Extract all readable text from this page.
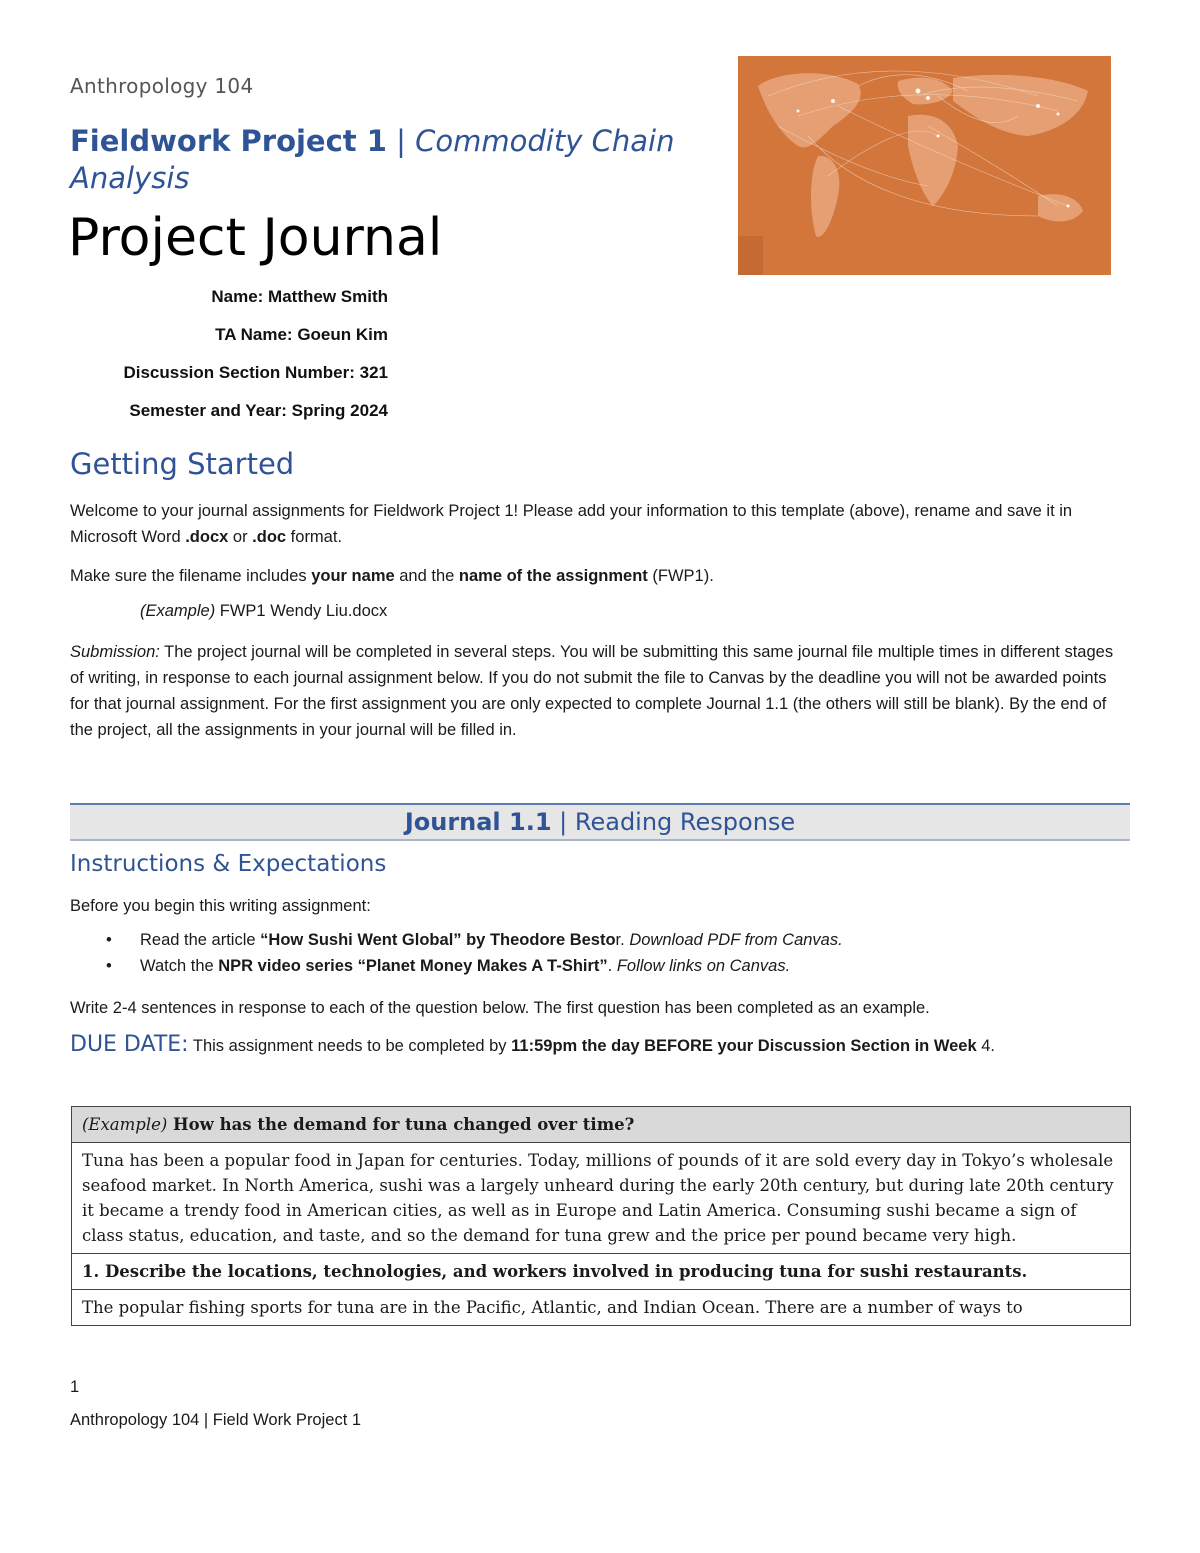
Anthropology 104
Fieldwork Project 1 | Commodity Chain Analysis
Project Journal
Name: Matthew Smith
TA Name: Goeun Kim
Discussion Section Number: 321
Semester and Year: Spring 2024
Getting Started
Welcome to your journal assignments for Fieldwork Project 1! Please add your information to this template (above), rename and save it in Microsoft Word .docx or .doc format.
Make sure the filename includes your name and the name of the assignment (FWP1).
(Example) FWP1 Wendy Liu.docx
Submission: The project journal will be completed in several steps. You will be submitting this same journal file multiple times in different stages of writing, in response to each journal assignment below. If you do not submit the file to Canvas by the deadline you will not be awarded points for that journal assignment. For the first assignment you are only expected to complete Journal 1.1 (the others will still be blank). By the end of the project, all the assignments in your journal will be filled in.
Journal 1.1 | Reading Response
Instructions & Expectations
Before you begin this writing assignment:
• Read the article “How Sushi Went Global” by Theodore Bestor. Download PDF from Canvas.
• Watch the NPR video series “Planet Money Makes A T-Shirt”. Follow links on Canvas.
Write 2-4 sentences in response to each of the question below. The first question has been completed as an example.
DUE DATE: This assignment needs to be completed by 11:59pm the day BEFORE your Discussion Section in Week 4.
(Example) How has the demand for tuna changed over time?
Tuna has been a popular food in Japan for centuries. Today, millions of pounds of it are sold every day in Tokyo’s wholesale seafood market. In North America, sushi was a largely unheard during the early 20th century, but during late 20th century it became a trendy food in American cities, as well as in Europe and Latin America. Consuming sushi became a sign of class status, education, and taste, and so the demand for tuna grew and the price per pound became very high.
1. Describe the locations, technologies, and workers involved in producing tuna for sushi restaurants.
The popular fishing sports for tuna are in the Pacific, Atlantic, and Indian Ocean. There are a number of ways to
1
Anthropology 104 | Field Work Project 1
